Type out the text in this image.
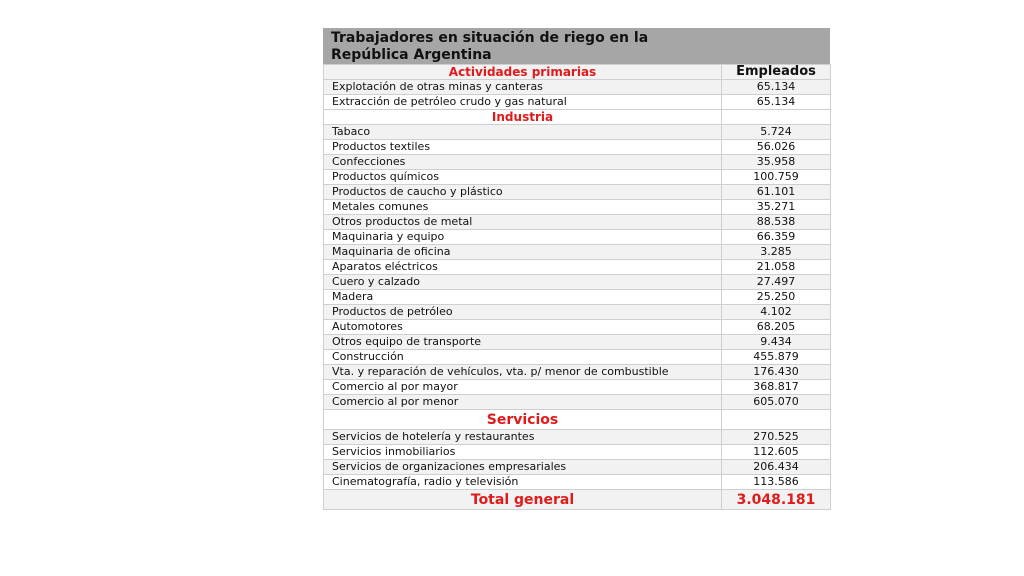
Trabajadores en situación de riego en la
República Argentina
Actividades primarias	Empleados
Explotación de otras minas y canteras	65.134
Extracción de petróleo crudo y gas natural	65.134
Industria	
Tabaco	5.724
Productos textiles	56.026
Confecciones	35.958
Productos químicos	100.759
Productos de caucho y plástico	61.101
Metales comunes	35.271
Otros productos de metal	88.538
Maquinaria y equipo	66.359
Maquinaria de oficina	3.285
Aparatos eléctricos	21.058
Cuero y calzado	27.497
Madera	25.250
Productos de petróleo	4.102
Automotores	68.205
Otros equipo de transporte	9.434
Construcción	455.879
Vta. y reparación de vehículos, vta. p/ menor de combustible	176.430
Comercio al por mayor	368.817
Comercio al por menor	605.070
Servicios	
Servicios de hotelería y restaurantes	270.525
Servicios inmobiliarios	112.605
Servicios de organizaciones empresariales	206.434
Cinematografía, radio y televisión	113.586
Total general	3.048.181
